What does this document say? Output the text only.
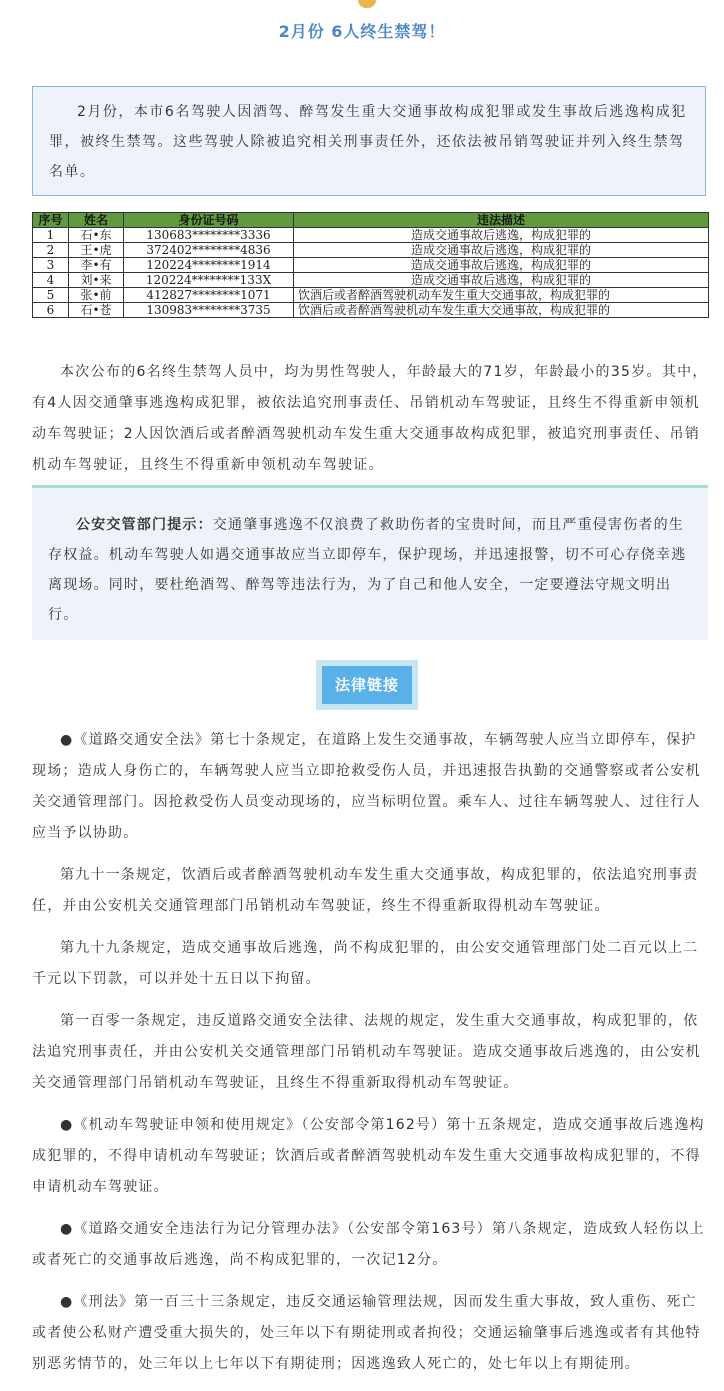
2月份 6人终生禁驾！

2月份，本市6名驾驶人因酒驾、醉驾发生重大交通事故构成犯罪或发生事故后逃逸构成犯罪，被终生禁驾。这些驾驶人除被追究相关刑事责任外，还依法被吊销驾驶证并列入终生禁驾名单。

序号	姓名	身份证号码	违法描述
1	石•东	130683********3336	造成交通事故后逃逸，构成犯罪的
2	王•虎	372402********4836	造成交通事故后逃逸，构成犯罪的
3	李•有	120224********1914	造成交通事故后逃逸，构成犯罪的
4	刘•来	120224********133X	造成交通事故后逃逸，构成犯罪的
5	张•前	412827********1071	饮酒后或者醉酒驾驶机动车发生重大交通事故，构成犯罪的
6	石•苍	130983********3735	饮酒后或者醉酒驾驶机动车发生重大交通事故，构成犯罪的

本次公布的6名终生禁驾人员中，均为男性驾驶人，年龄最大的71岁，年龄最小的35岁。其中，有4人因交通肇事逃逸构成犯罪，被依法追究刑事责任、吊销机动车驾驶证，且终生不得重新申领机动车驾驶证；2人因饮酒后或者醉酒驾驶机动车发生重大交通事故构成犯罪，被追究刑事责任、吊销机动车驾驶证，且终生不得重新申领机动车驾驶证。

公安交管部门提示：交通肇事逃逸不仅浪费了救助伤者的宝贵时间，而且严重侵害伤者的生存权益。机动车驾驶人如遇交通事故应当立即停车，保护现场，并迅速报警，切不可心存侥幸逃离现场。同时，要杜绝酒驾、醉驾等违法行为，为了自己和他人安全，一定要遵法守规文明出行。

法律链接

●《道路交通安全法》第七十条规定，在道路上发生交通事故，车辆驾驶人应当立即停车，保护现场；造成人身伤亡的，车辆驾驶人应当立即抢救受伤人员，并迅速报告执勤的交通警察或者公安机关交通管理部门。因抢救受伤人员变动现场的，应当标明位置。乘车人、过往车辆驾驶人、过往行人应当予以协助。

第九十一条规定，饮酒后或者醉酒驾驶机动车发生重大交通事故，构成犯罪的，依法追究刑事责任，并由公安机关交通管理部门吊销机动车驾驶证，终生不得重新取得机动车驾驶证。

第九十九条规定，造成交通事故后逃逸，尚不构成犯罪的，由公安交通管理部门处二百元以上二千元以下罚款，可以并处十五日以下拘留。

第一百零一条规定，违反道路交通安全法律、法规的规定，发生重大交通事故，构成犯罪的，依法追究刑事责任，并由公安机关交通管理部门吊销机动车驾驶证。造成交通事故后逃逸的，由公安机关交通管理部门吊销机动车驾驶证，且终生不得重新取得机动车驾驶证。

●《机动车驾驶证申领和使用规定》（公安部令第162号）第十五条规定，造成交通事故后逃逸构成犯罪的，不得申请机动车驾驶证；饮酒后或者醉酒驾驶机动车发生重大交通事故构成犯罪的，不得申请机动车驾驶证。

●《道路交通安全违法行为记分管理办法》（公安部令第163号）第八条规定，造成致人轻伤以上或者死亡的交通事故后逃逸，尚不构成犯罪的，一次记12分。

●《刑法》第一百三十三条规定，违反交通运输管理法规，因而发生重大事故，致人重伤、死亡或者使公私财产遭受重大损失的，处三年以下有期徒刑或者拘役；交通运输肇事后逃逸或者有其他特别恶劣情节的，处三年以上七年以下有期徒刑；因逃逸致人死亡的，处七年以上有期徒刑。
